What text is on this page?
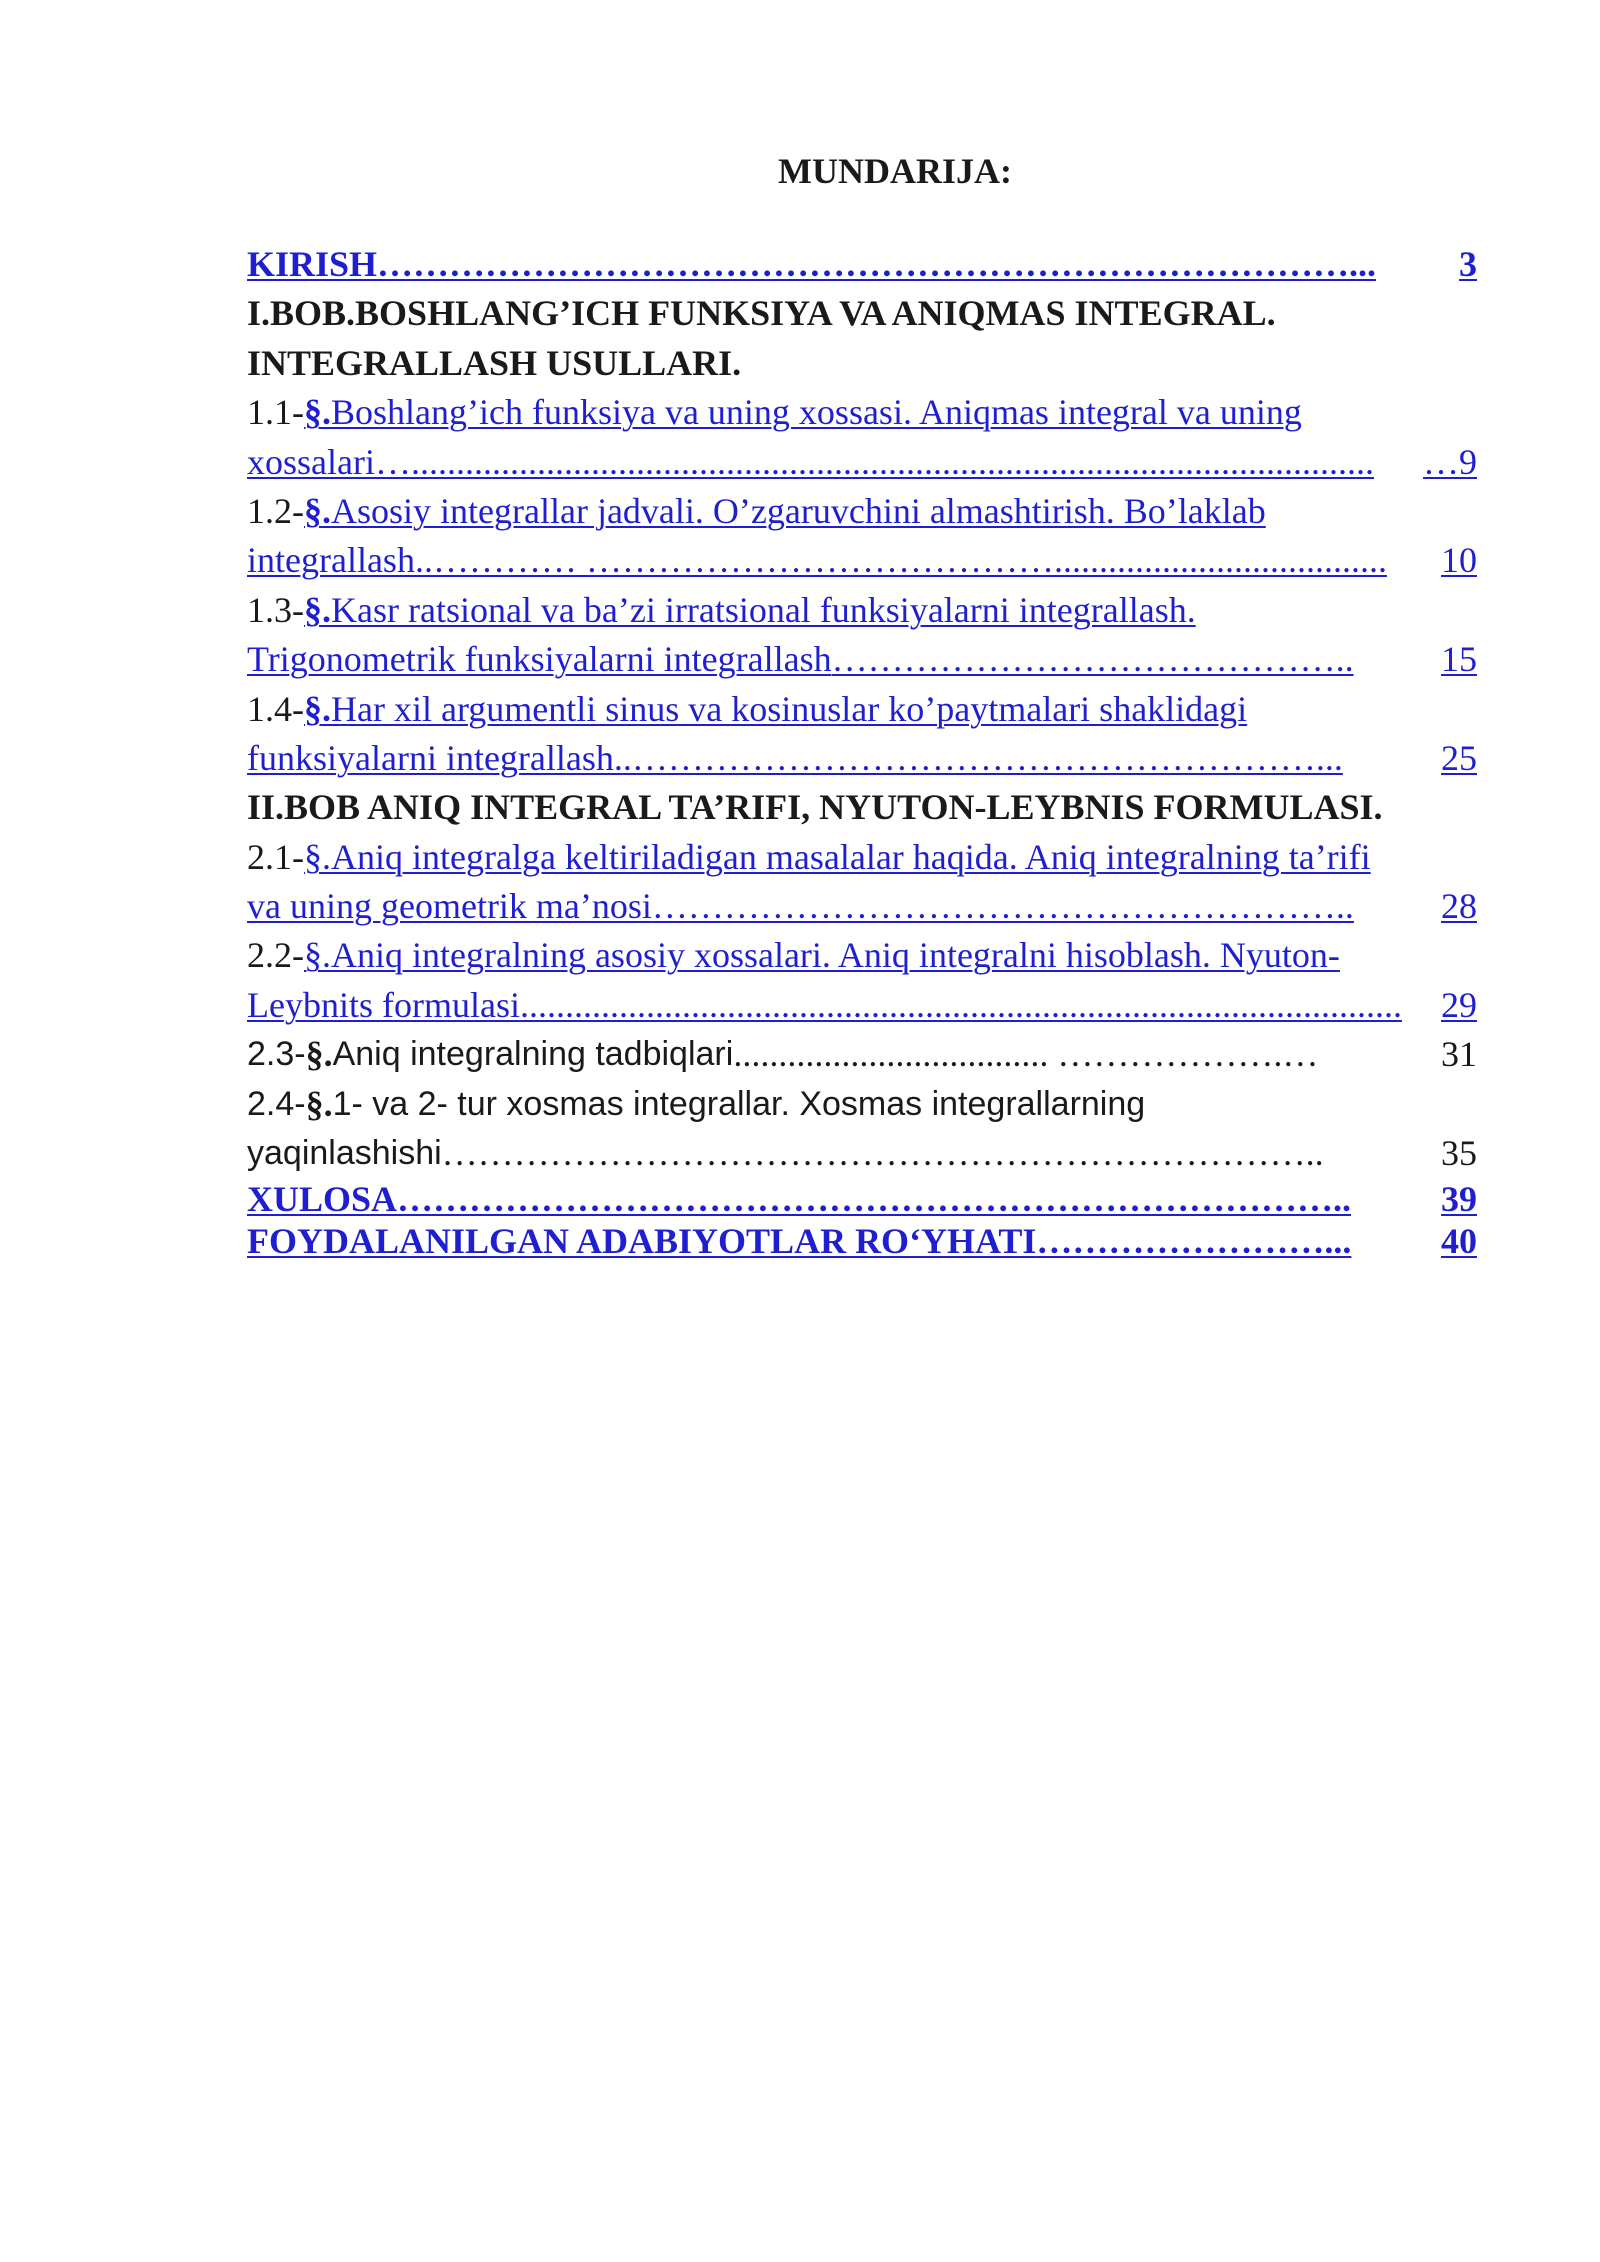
MUNDARIJA:
KIRISH ………………………………………………………………………...	3
I.BOB.BOSHLANG’ICH FUNKSIYA VA ANIQMAS INTEGRAL.
INTEGRALLASH USULLARI.
1.1- §. Boshlang’ich funksiya va uning xossasi. Aniqmas integral va uning
xossalari …...........................................................................................................	…9
1.2- §. Asosiy integrallar jadvali. O’zgaruvchini almashtirish. Bo’laklab
integrallash. .………… ………………………………….....................................	10
1.3- §. Kasr ratsional va ba’zi irratsional funksiyalarni integrallash.
Trigonometrik funksiyalarni integrallash ……………………………………..	15
1.4- §. Har xil argumentli sinus va kosinuslar ko’paytmalari shaklidagi
funksiyalarni integrallash. .…………………………………………………...	25
II.BOB ANIQ INTEGRAL TA’RIFI, NYUTON-LEYBNIS FORMULASI.
2.1- §. Aniq integralga keltiriladigan masalalar haqida. Aniq integralning ta’rifi
va uning geometrik ma’nosi …………………………………………………..	28
2.2- §. Aniq integralning asosiy xossalari. Aniq integralni hisoblash. Nyuton-
Leybnits formulasi ..................................................................................................	29
2.3- §. Aniq integralning tadbiqlari ................................... ……………….…	31
2.4- §. 1- va 2- tur xosmas integrallar. Xosmas integrallarning
yaqinlashishi ………………………………………………………………..	35
XULOSA ……………………………………………………………………..	39
FOYDALANILGAN ADABIYOTLAR RO‘YHATI ……………………...	40
